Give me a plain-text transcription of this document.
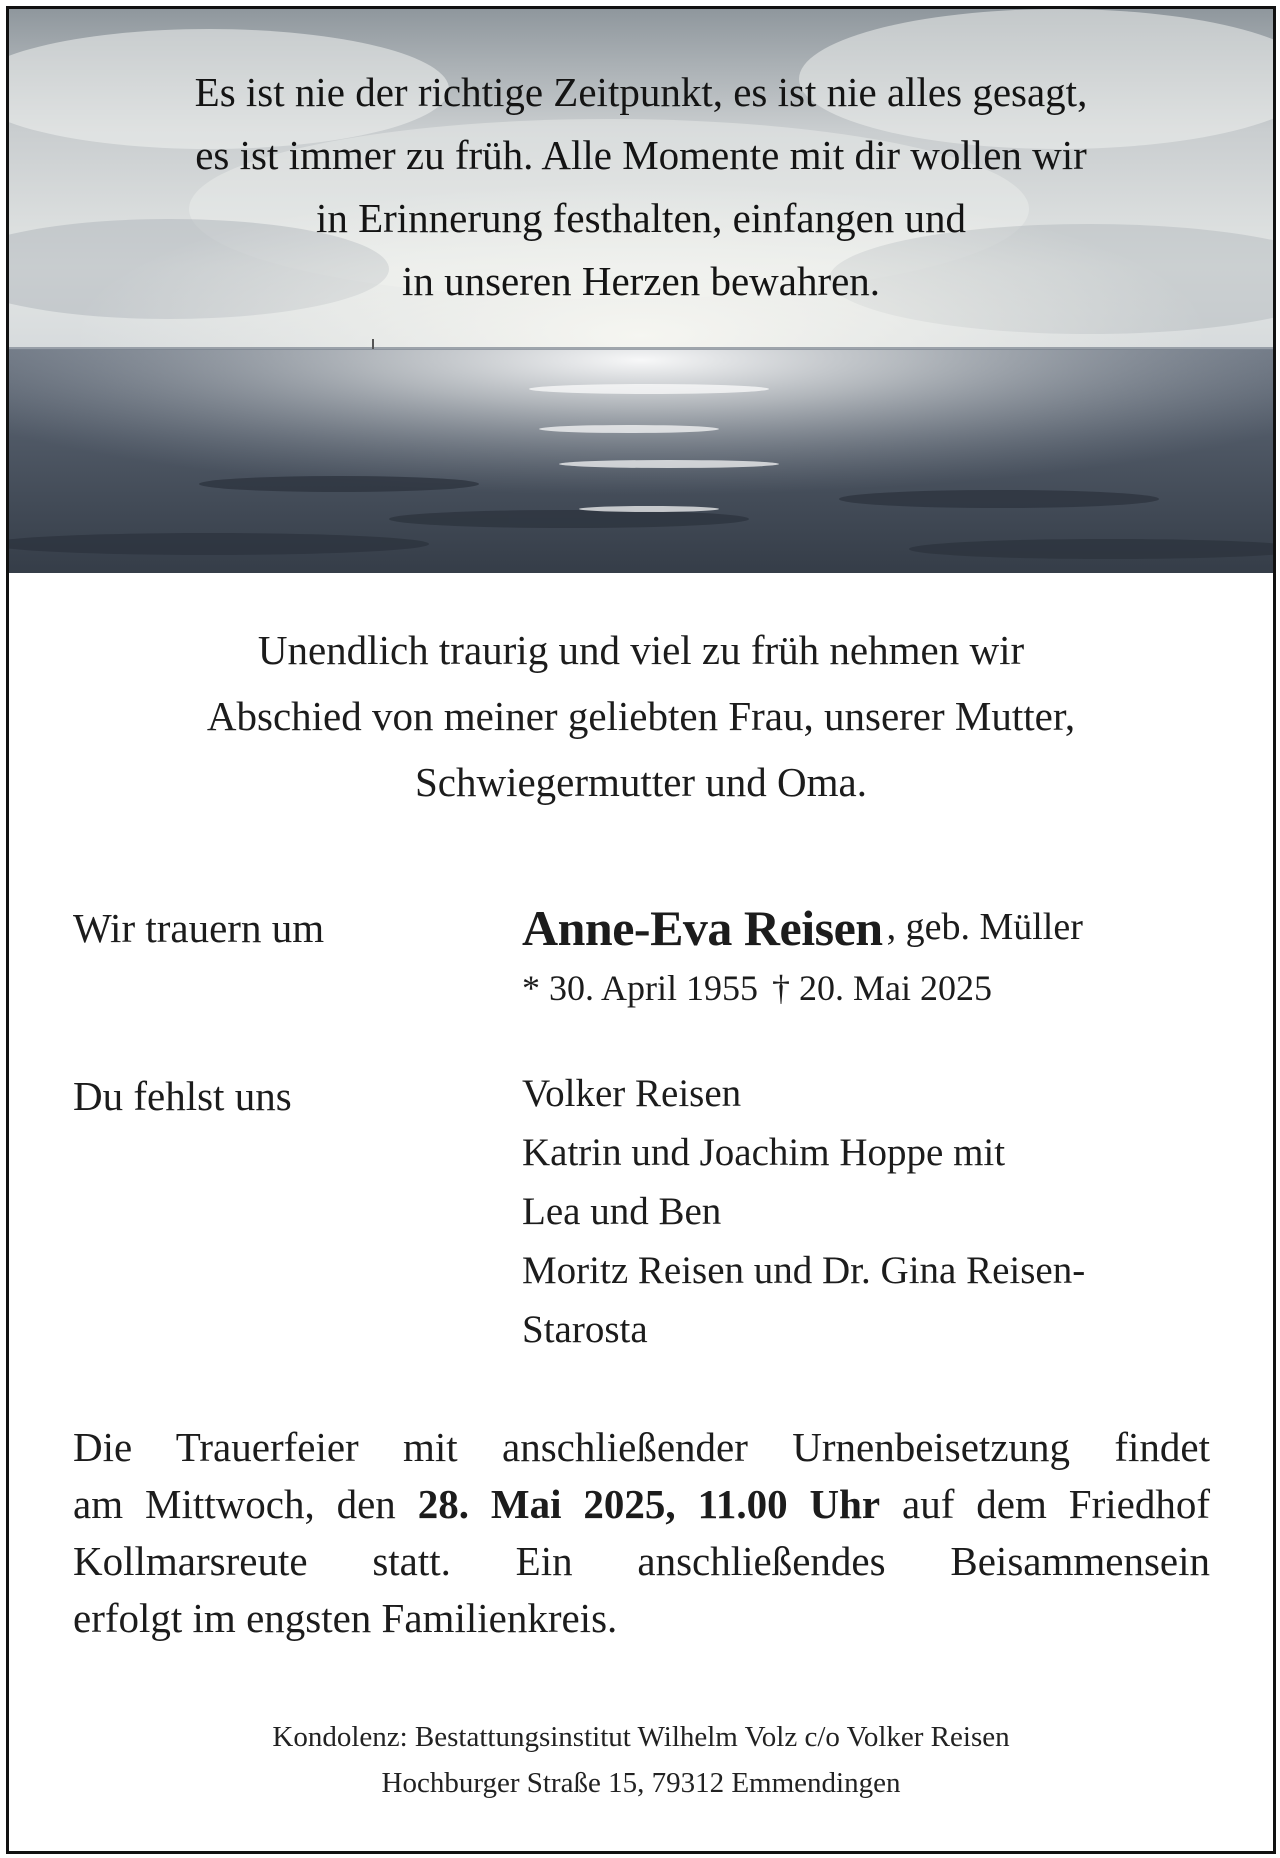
Es ist nie der richtige Zeitpunkt, es ist nie alles gesagt,
es ist immer zu früh. Alle Momente mit dir wollen wir
in Erinnerung festhalten, einfangen und
in unseren Herzen bewahren.
Unendlich traurig und viel zu früh nehmen wir
Abschied von meiner geliebten Frau, unserer Mutter,
Schwiegermutter und Oma.
Wir trauern um	Anne-Eva Reisen , geb. Müller
* 30. April 1955 † 20. Mai 2025
Du fehlst uns	Volker Reisen
Katrin und Joachim Hoppe mit
Lea und Ben
Moritz Reisen und Dr. Gina Reisen-
Starosta
Die Trauerfeier mit anschließender Urnenbeisetzung findet
am Mittwoch, den 28. Mai 2025, 11.00 Uhr auf dem Friedhof
Kollmarsreute statt. Ein anschließendes Beisammensein
erfolgt im engsten Familienkreis.
Kondolenz: Bestattungsinstitut Wilhelm Volz c/o Volker Reisen
Hochburger Straße 15, 79312 Emmendingen
